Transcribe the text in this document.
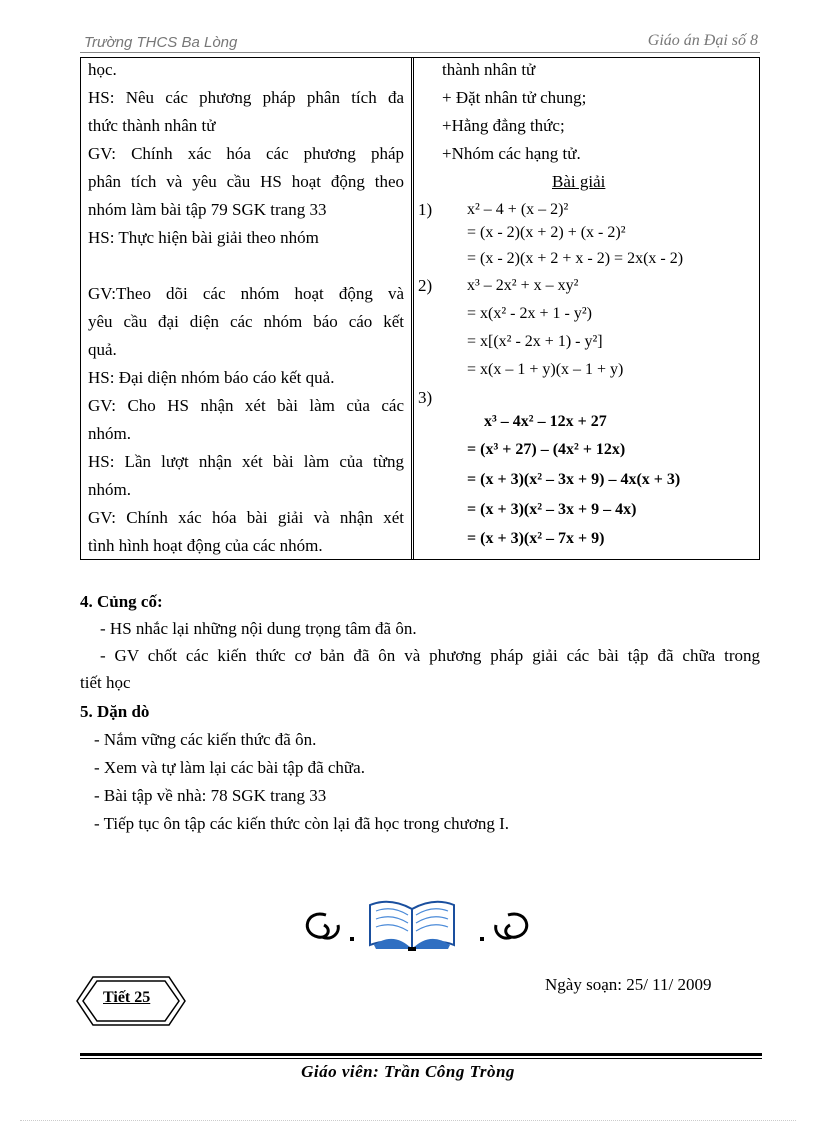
Trường THCS Ba Lòng	Giáo án Đại số 8
học.
HS: Nêu các phương pháp phân tích đa
thức thành nhân tử
GV: Chính xác hóa các phương pháp
phân tích và yêu cầu HS hoạt động theo
nhóm làm bài tập 79 SGK trang 33
HS: Thực hiện bài giải theo nhóm
GV:Theo dõi các nhóm hoạt động và
yêu cầu đại diện các nhóm báo cáo kết
quả.
HS: Đại diện nhóm báo cáo kết quả.
GV: Cho HS nhận xét bài làm của các
nhóm.
HS: Lần lượt nhận xét bài làm của từng
nhóm.
GV: Chính xác hóa bài giải và nhận xét
tình hình hoạt động của các nhóm.
thành nhân tử
+ Đặt nhân tử chung;
+Hằng đẳng thức;
+Nhóm các hạng tử.
Bài giải
1) x² – 4 + (x – 2)²
= (x - 2)(x + 2) + (x - 2)²
= (x - 2)(x + 2 + x - 2) = 2x(x - 2)
2) x³ – 2x² + x – xy²
= x(x² - 2x + 1 - y²)
= x[(x² - 2x + 1) - y²]
= x(x – 1 + y)(x – 1 + y)
3)
x³ – 4x² – 12x + 27
= (x³ + 27) – (4x² + 12x)
= (x + 3)(x² – 3x + 9) – 4x(x + 3)
= (x + 3)(x² – 3x + 9 – 4x)
= (x + 3)(x² – 7x + 9)
4. Củng cố:
- HS nhắc lại những nội dung trọng tâm đã ôn.
- GV chốt các kiến thức cơ bản đã ôn và phương pháp giải các bài tập đã chữa trong
tiết học
5. Dặn dò
- Nắm vững các kiến thức đã ôn.
- Xem và tự làm lại các bài tập đã chữa.
- Bài tập về nhà: 78 SGK trang 33
- Tiếp tục ôn tập các kiến thức còn lại đã học trong chương I.
Tiết 25
Ngày soạn: 25/ 11/ 2009
Giáo viên: Trần Công Tròng
